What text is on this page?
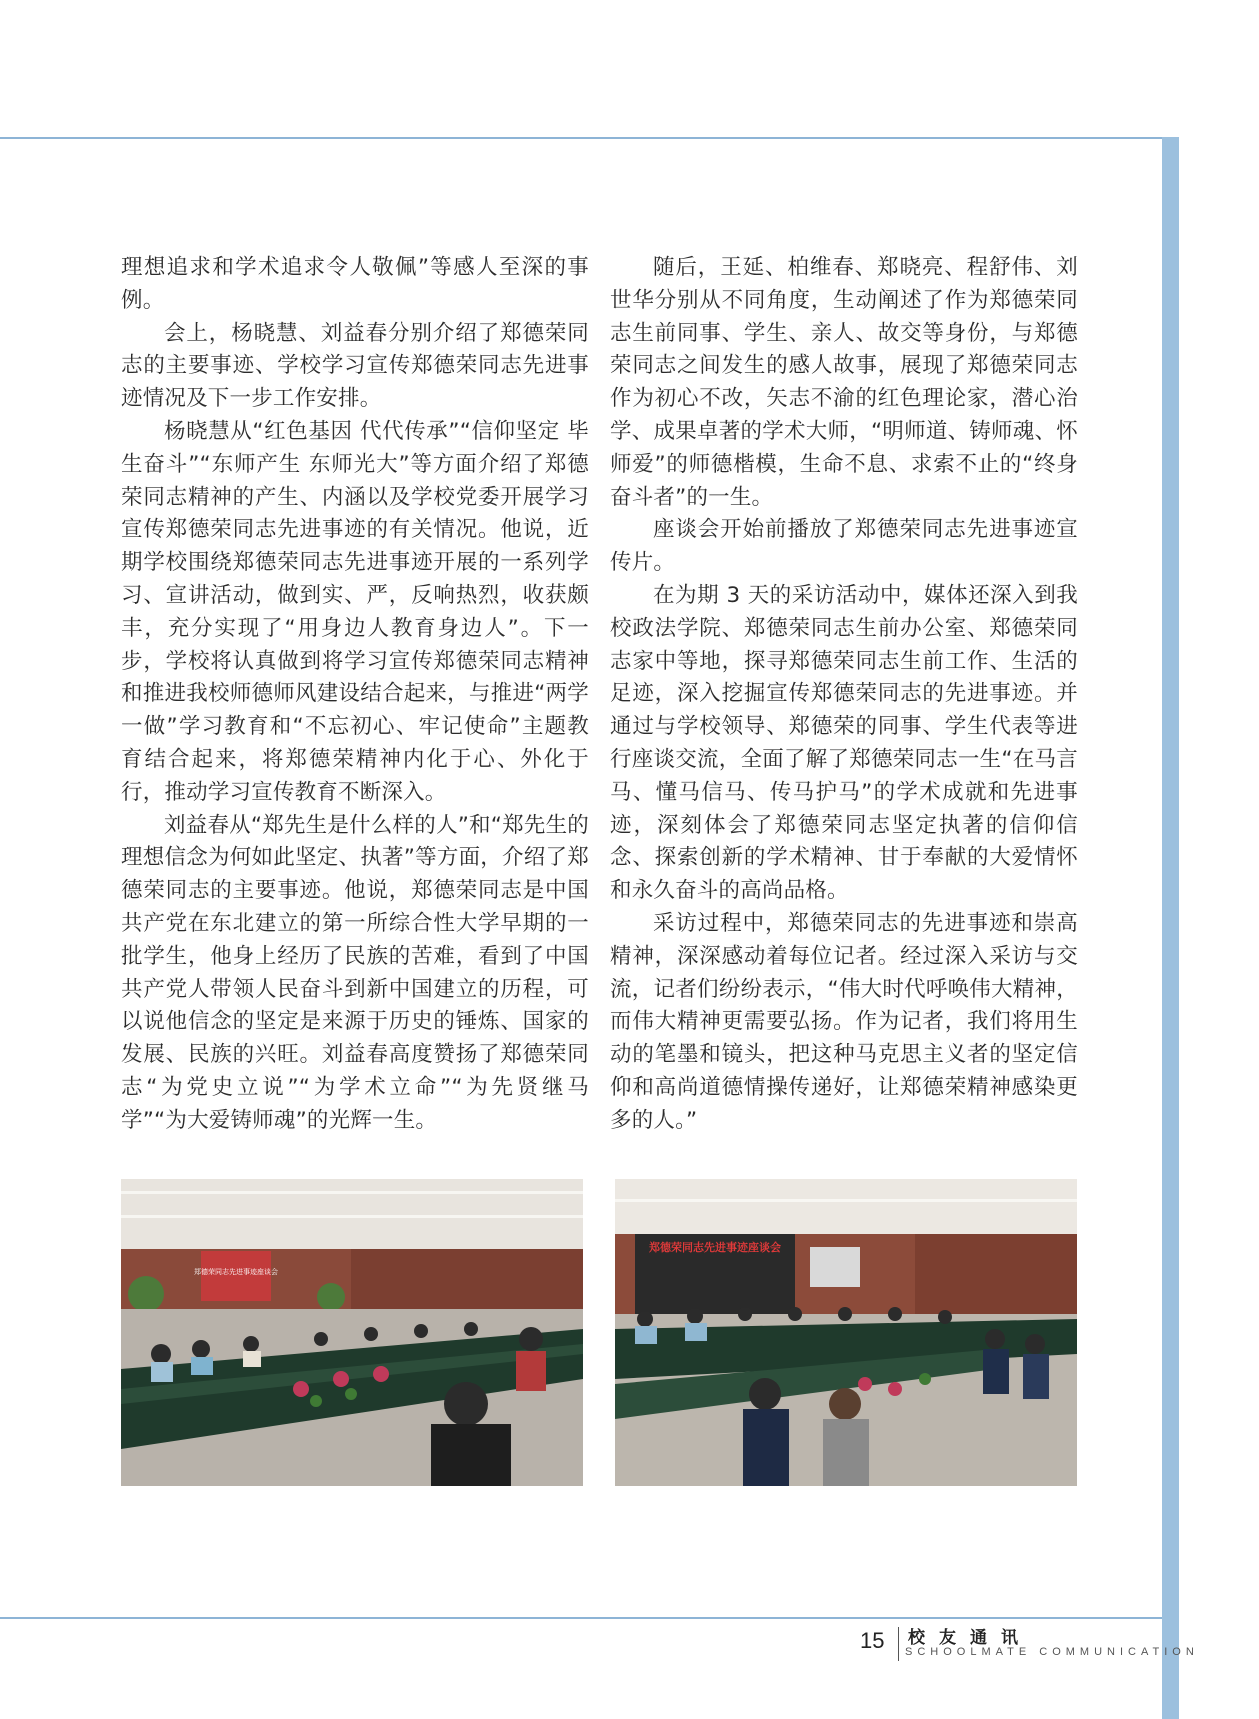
理想追求和学术追求令人敬佩”等感人至深的事例。

会上，杨晓慧、刘益春分别介绍了郑德荣同志的主要事迹、学校学习宣传郑德荣同志先进事迹情况及下一步工作安排。

杨晓慧从“红色基因 代代传承”“信仰坚定 毕生奋斗”“东师产生 东师光大”等方面介绍了郑德荣同志精神的产生、内涵以及学校党委开展学习宣传郑德荣同志先进事迹的有关情况。他说，近期学校围绕郑德荣同志先进事迹开展的一系列学习、宣讲活动，做到实、严，反响热烈，收获颇丰，充分实现了“用身边人教育身边人”。下一步，学校将认真做到将学习宣传郑德荣同志精神和推进我校师德师风建设结合起来，与推进“两学一做”学习教育和“不忘初心、牢记使命”主题教育结合起来，将郑德荣精神内化于心、外化于行，推动学习宣传教育不断深入。

刘益春从“郑先生是什么样的人”和“郑先生的理想信念为何如此坚定、执著”等方面，介绍了郑德荣同志的主要事迹。他说，郑德荣同志是中国共产党在东北建立的第一所综合性大学早期的一批学生，他身上经历了民族的苦难，看到了中国共产党人带领人民奋斗到新中国建立的历程，可以说他信念的坚定是来源于历史的锤炼、国家的发展、民族的兴旺。刘益春高度赞扬了郑德荣同志“为党史立说”“为学术立命”“为先贤继马学”“为大爱铸师魂”的光辉一生。

随后，王延、柏维春、郑晓亮、程舒伟、刘世华分别从不同角度，生动阐述了作为郑德荣同志生前同事、学生、亲人、故交等身份，与郑德荣同志之间发生的感人故事，展现了郑德荣同志作为初心不改，矢志不渝的红色理论家，潜心治学、成果卓著的学术大师，“明师道、铸师魂、怀师爱”的师德楷模，生命不息、求索不止的“终身奋斗者”的一生。

座谈会开始前播放了郑德荣同志先进事迹宣传片。

在为期 3 天的采访活动中，媒体还深入到我校政法学院、郑德荣同志生前办公室、郑德荣同志家中等地，探寻郑德荣同志生前工作、生活的足迹，深入挖掘宣传郑德荣同志的先进事迹。并通过与学校领导、郑德荣的同事、学生代表等进行座谈交流，全面了解了郑德荣同志一生“在马言马、懂马信马、传马护马”的学术成就和先进事迹，深刻体会了郑德荣同志坚定执著的信仰信念、探索创新的学术精神、甘于奉献的大爱情怀和永久奋斗的高尚品格。

采访过程中，郑德荣同志的先进事迹和崇高精神，深深感动着每位记者。经过深入采访与交流，记者们纷纷表示，“伟大时代呼唤伟大精神，而伟大精神更需要弘扬。作为记者，我们将用生动的笔墨和镜头，把这种马克思主义者的坚定信仰和高尚道德情操传递好，让郑德荣精神感染更多的人。”

郑德荣同志先进事迹座谈会
郑德荣同志先进事迹座谈会
15 校友通讯
SCHOOLMATE COMMUNICATION
